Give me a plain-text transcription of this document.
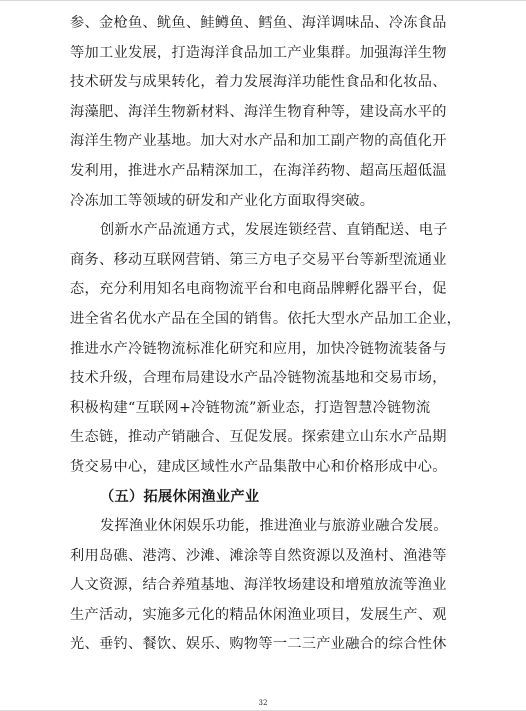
参、金枪鱼、鱿鱼、鲑鳟鱼、鳕鱼、海洋调味品、冷冻食品
等加工业发展，打造海洋食品加工产业集群。加强海洋生物
技术研发与成果转化，着力发展海洋功能性食品和化妆品、
海藻肥、海洋生物新材料、海洋生物育种等，建设高水平的
海洋生物产业基地。加大对水产品和加工副产物的高值化开
发利用，推进水产品精深加工，在海洋药物、超高压超低温
冷冻加工等领域的研发和产业化方面取得突破。
创新水产品流通方式，发展连锁经营、直销配送、电子
商务、移动互联网营销、第三方电子交易平台等新型流通业
态，充分利用知名电商物流平台和电商品牌孵化器平台，促
进全省名优水产品在全国的销售。依托大型水产品加工企业，
推进水产冷链物流标准化研究和应用，加快冷链物流装备与
技术升级，合理布局建设水产品冷链物流基地和交易市场，
积极构建“互联网+冷链物流”新业态，打造智慧冷链物流
生态链，推动产销融合、互促发展。探索建立山东水产品期
货交易中心，建成区域性水产品集散中心和价格形成中心。
（五）拓展休闲渔业产业
发挥渔业休闲娱乐功能，推进渔业与旅游业融合发展。
利用岛礁、港湾、沙滩、滩涂等自然资源以及渔村、渔港等
人文资源，结合养殖基地、海洋牧场建设和增殖放流等渔业
生产活动，实施多元化的精品休闲渔业项目，发展生产、观
光、垂钓、餐饮、娱乐、购物等一二三产业融合的综合性休
32
